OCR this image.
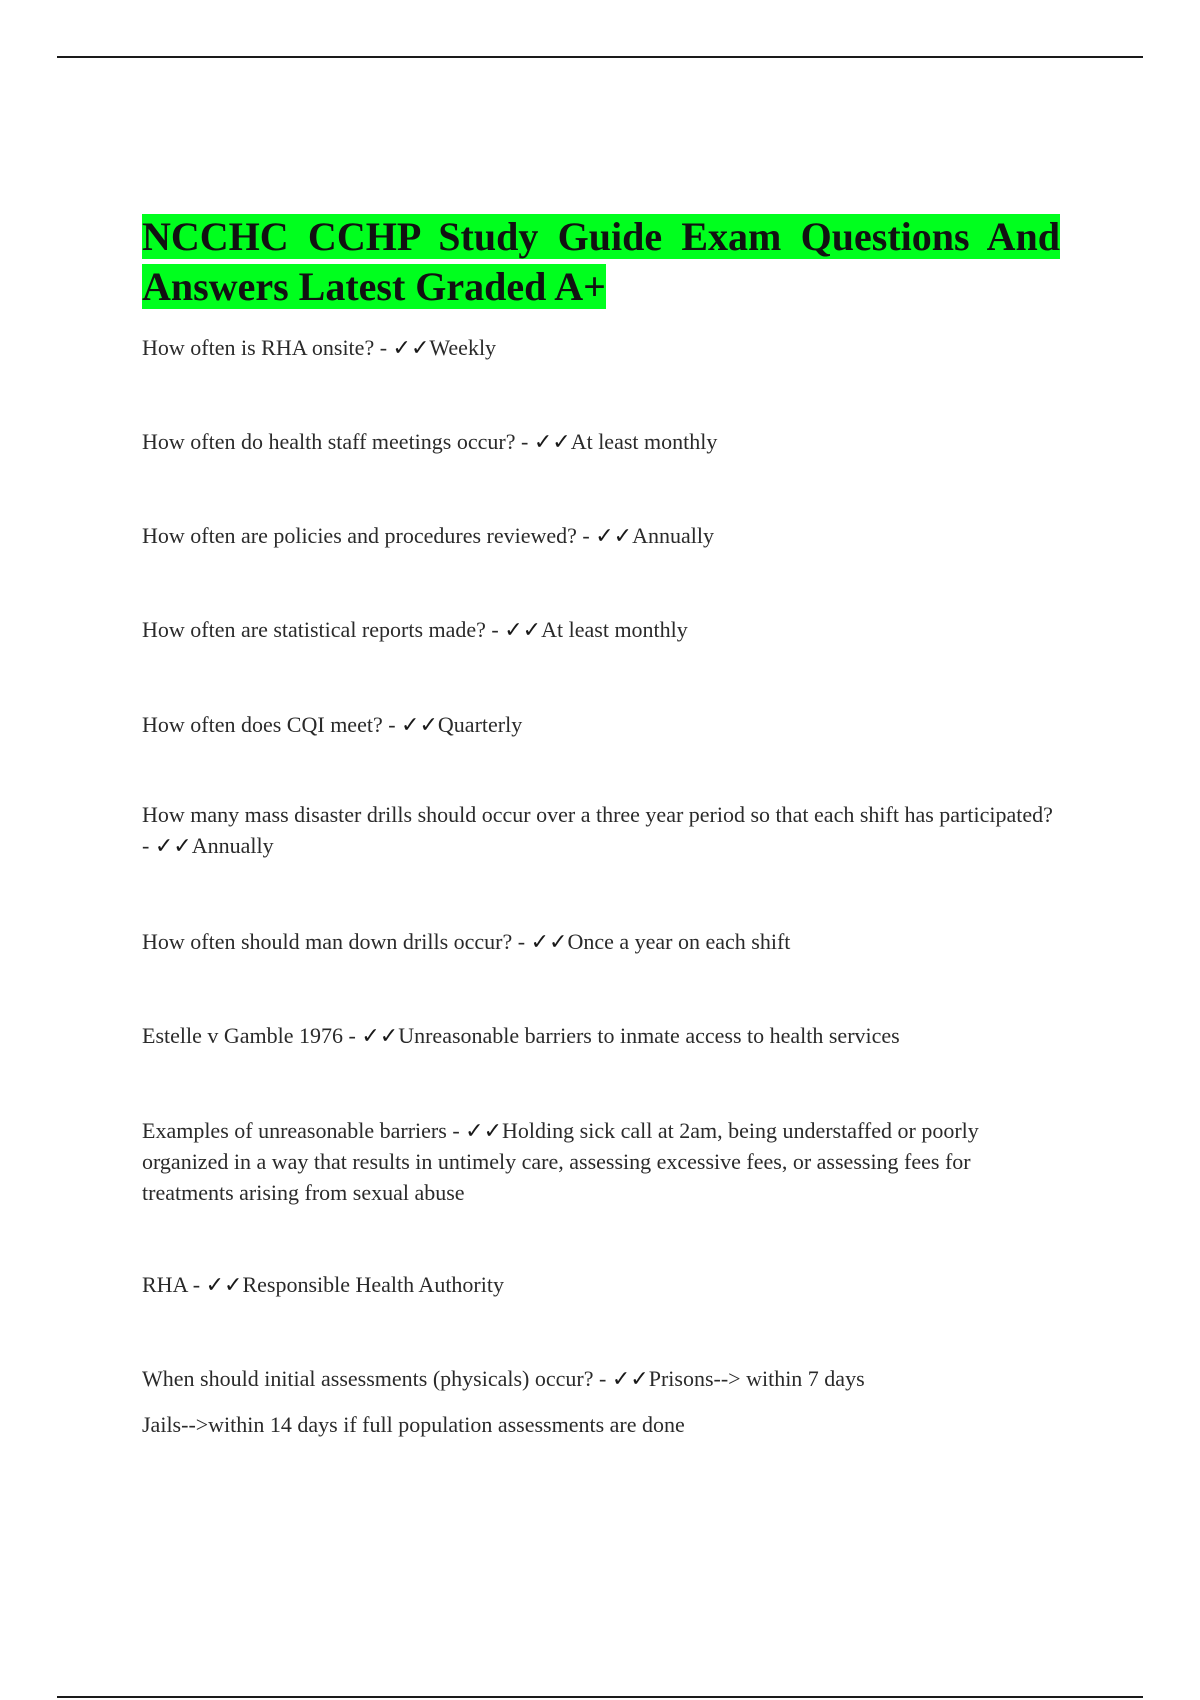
NCCHC CCHP Study Guide Exam Questions And Answers Latest Graded A+
How often is RHA onsite? - ✓✓Weekly
How often do health staff meetings occur? - ✓✓At least monthly
How often are policies and procedures reviewed? - ✓✓Annually
How often are statistical reports made? - ✓✓At least monthly
How often does CQI meet? - ✓✓Quarterly
How many mass disaster drills should occur over a three year period so that each shift has participated? - ✓✓Annually
How often should man down drills occur? - ✓✓Once a year on each shift
Estelle v Gamble 1976 - ✓✓Unreasonable barriers to inmate access to health services
Examples of unreasonable barriers - ✓✓Holding sick call at 2am, being understaffed or poorly organized in a way that results in untimely care, assessing excessive fees, or assessing fees for treatments arising from sexual abuse
RHA - ✓✓Responsible Health Authority
When should initial assessments (physicals) occur? - ✓✓Prisons--> within 7 days
Jails-->within 14 days if full population assessments are done
